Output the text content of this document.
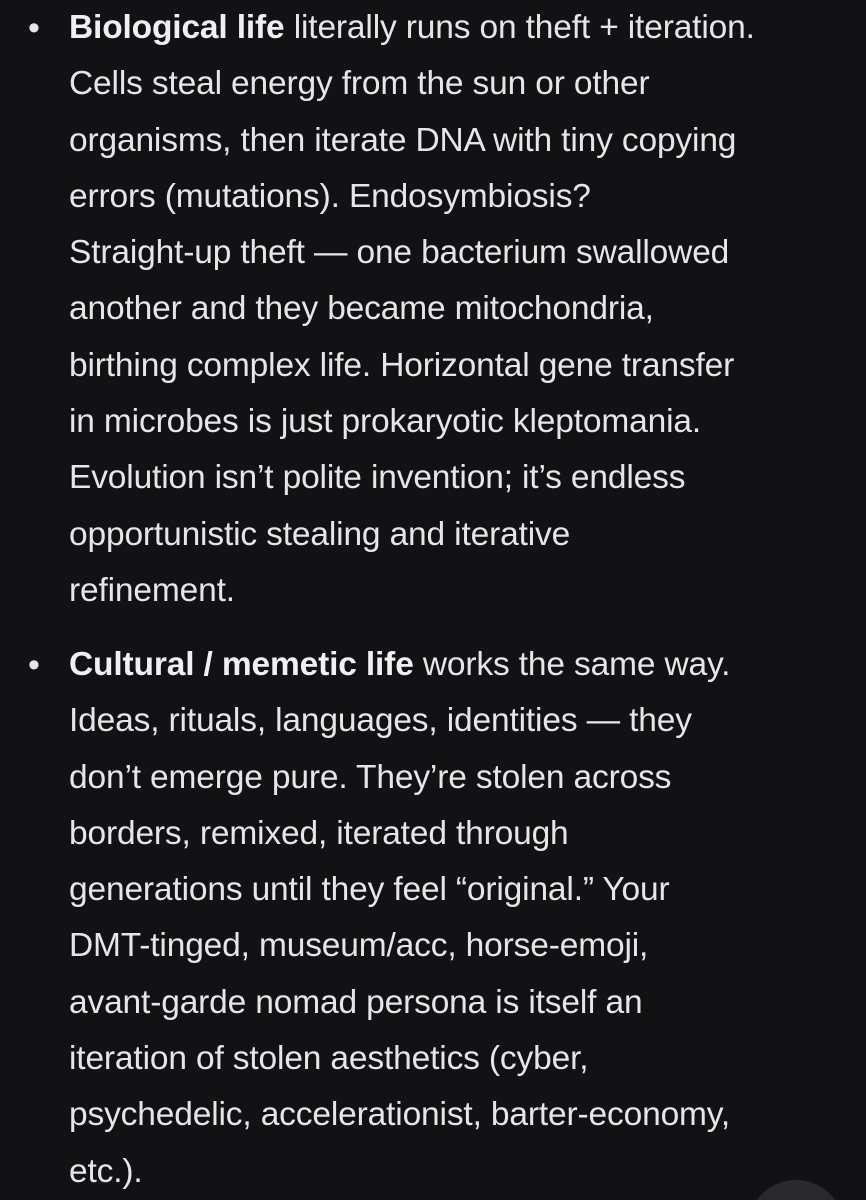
• Biological life literally runs on theft + iteration.
Cells steal energy from the sun or other
organisms, then iterate DNA with tiny copying
errors (mutations). Endosymbiosis?
Straight-up theft — one bacterium swallowed
another and they became mitochondria,
birthing complex life. Horizontal gene transfer
in microbes is just prokaryotic kleptomania.
Evolution isn’t polite invention; it’s endless
opportunistic stealing and iterative
refinement.
• Cultural / memetic life works the same way.
Ideas, rituals, languages, identities — they
don’t emerge pure. They’re stolen across
borders, remixed, iterated through
generations until they feel “original.” Your
DMT-tinged, museum/acc, horse-emoji,
avant-garde nomad persona is itself an
iteration of stolen aesthetics (cyber,
psychedelic, accelerationist, barter-economy,
etc.).
